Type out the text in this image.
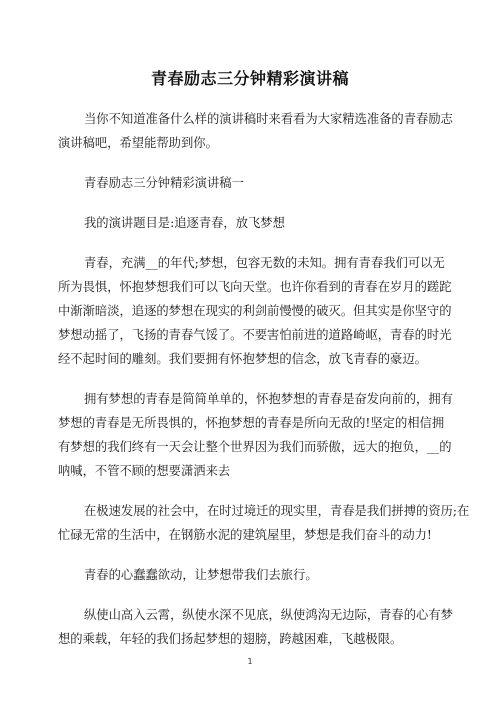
青春励志三分钟精彩演讲稿
当你不知道准备什么样的演讲稿时来看看为大家精选准备的青春励志
演讲稿吧，希望能帮助到你。
青春励志三分钟精彩演讲稿一
我的演讲题目是:追逐青春，放飞梦想
青春，充满__的年代;梦想，包容无数的未知。拥有青春我们可以无
所为畏惧，怀抱梦想我们可以飞向天堂。也许你看到的青春在岁月的蹉跎
中渐渐暗淡，追逐的梦想在现实的利剑前慢慢的破灭。但其实是你坚守的
梦想动摇了，飞扬的青春气馁了。不要害怕前进的道路崎岖，青春的时光
经不起时间的雕刻。我们要拥有怀抱梦想的信念，放飞青春的豪迈。
拥有梦想的青春是简简单单的，怀抱梦想的青春是奋发向前的，拥有
梦想的青春是无所畏惧的，怀抱梦想的青春是所向无敌的!坚定的相信拥
有梦想的我们终有一天会让整个世界因为我们而骄傲，远大的抱负，__的
呐喊，不管不顾的想要潇洒来去
在极速发展的社会中，在时过境迁的现实里，青春是我们拼搏的资历;在
忙碌无常的生活中，在钢筋水泥的建筑屋里，梦想是我们奋斗的动力!
青春的心蠢蠢欲动，让梦想带我们去旅行。
纵使山高入云霄，纵使水深不见底，纵使鸿沟无边际，青春的心有梦
想的乘载，年轻的我们扬起梦想的翅膀，跨越困难，飞越极限。
1
